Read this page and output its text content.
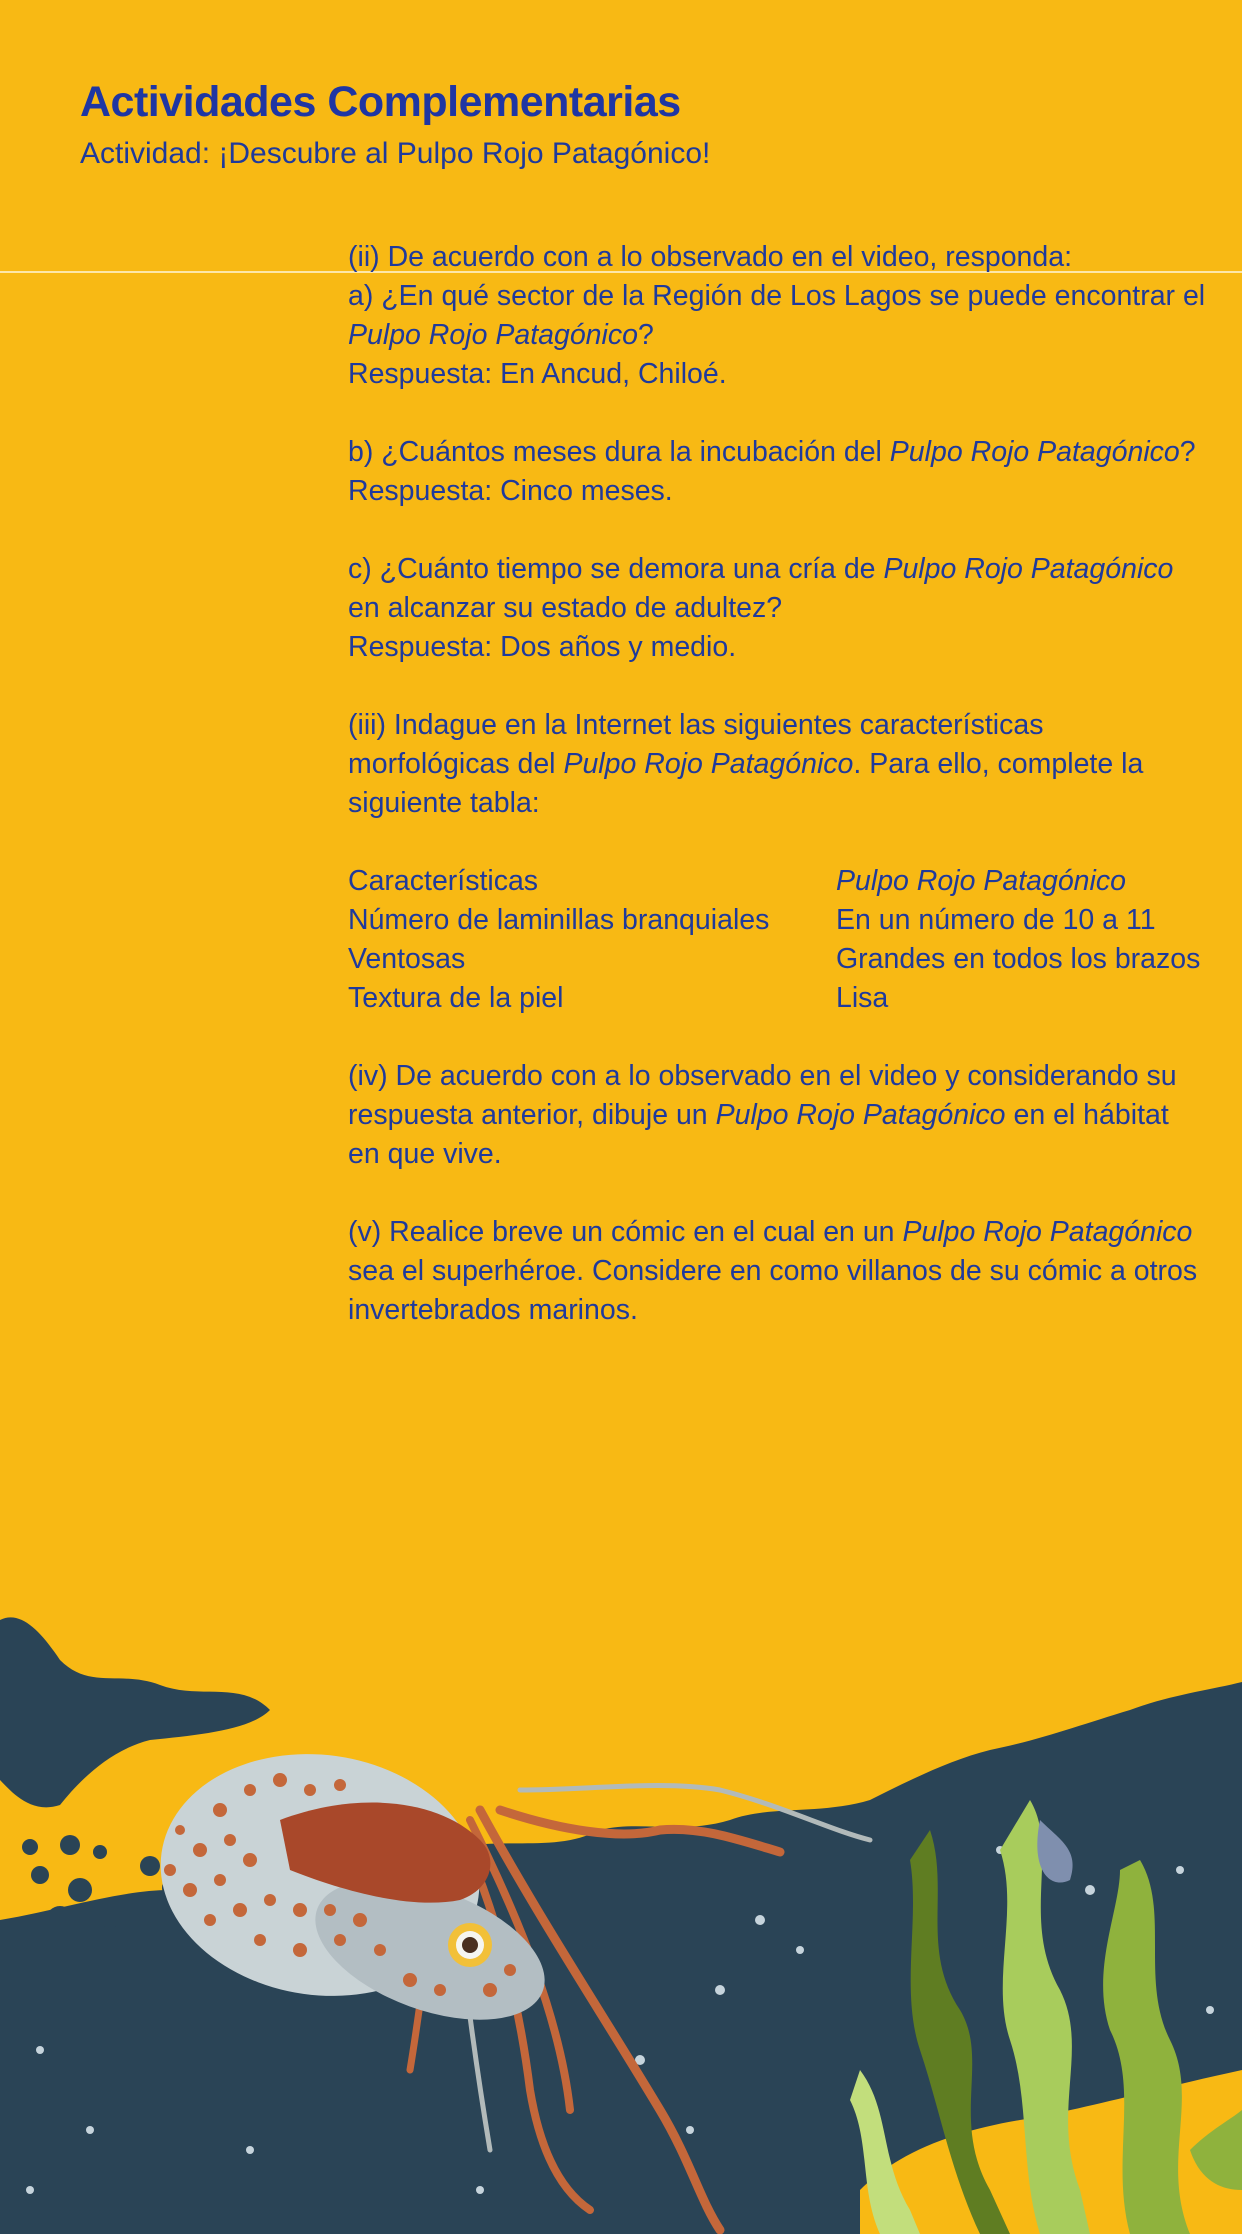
Actividades Complementarias
Actividad: ¡Descubre al Pulpo Rojo Patagónico!

(ii) De acuerdo con a lo observado en el video, responda:

a) ¿En qué sector de la Región de Los Lagos se puede encontrar el Pulpo Rojo Patagónico?

Respuesta: En Ancud, Chiloé.

b) ¿Cuántos meses dura la incubación del Pulpo Rojo Patagónico?

Respuesta: Cinco meses.

c) ¿Cuánto tiempo se demora una cría de Pulpo Rojo Patagónico en alcanzar su estado de adultez?

Respuesta: Dos años y medio.

(iii) Indague en la Internet las siguientes características morfológicas del Pulpo Rojo Patagónico. Para ello, complete la siguiente tabla:

Características	Pulpo Rojo Patagónico
Número de laminillas branquiales	En un número de 10 a 11
Ventosas	Grandes en todos los brazos
Textura de la piel	Lisa

(iv) De acuerdo con a lo observado en el video y considerando su respuesta anterior, dibuje un Pulpo Rojo Patagónico en el hábitat en que vive.

(v) Realice breve un cómic en el cual en un Pulpo Rojo Patagónico sea el superhéroe. Considere en como villanos de su cómic a otros invertebrados marinos.
